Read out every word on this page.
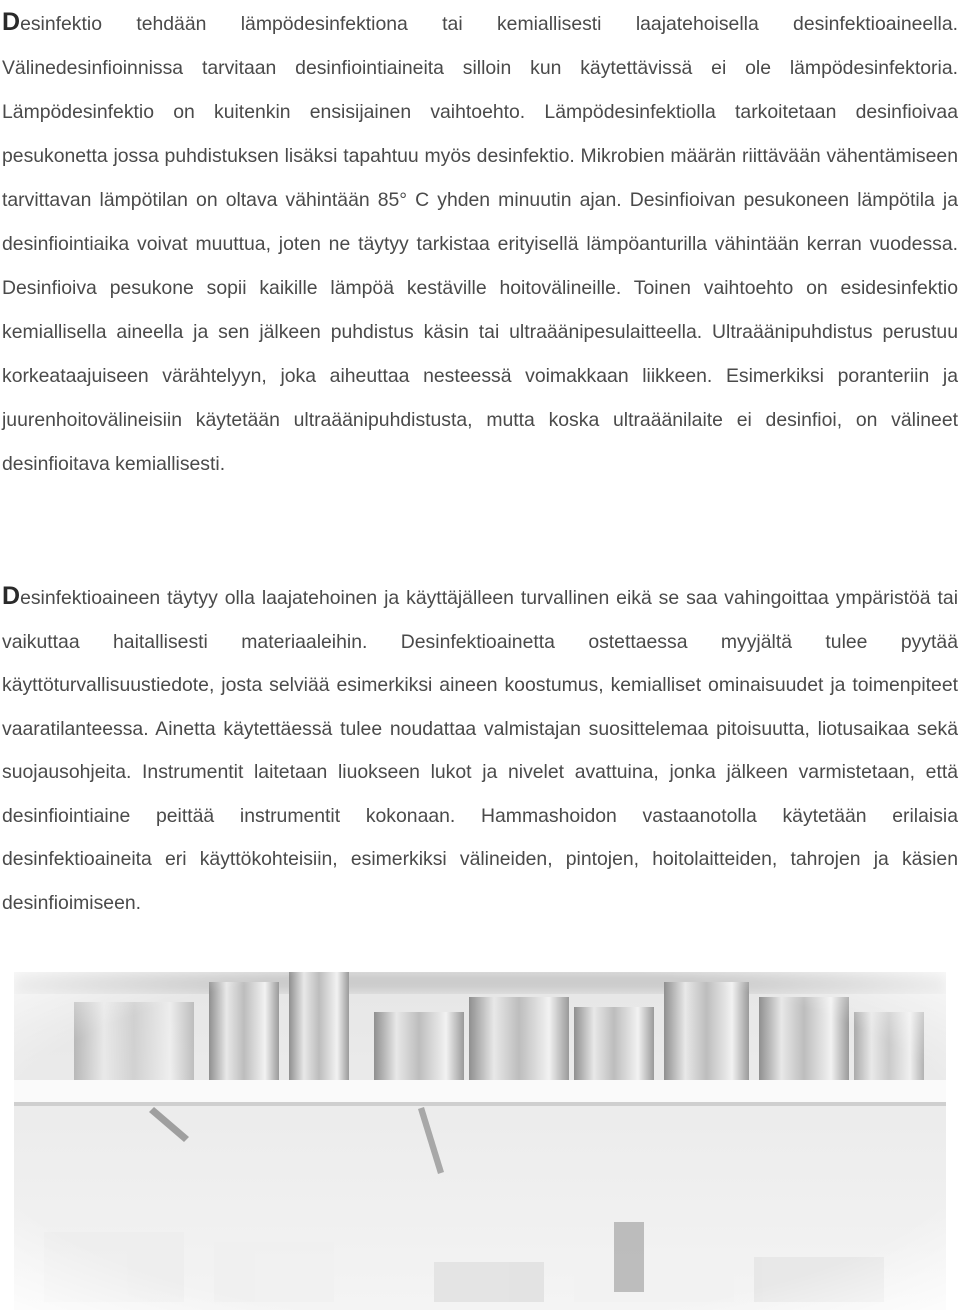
Desinfektio tehdään lämpödesinfektiona tai kemiallisesti laajatehoisella desinfektioaineella. Välinedesinfioinnissa tarvitaan desinfiointiaineita silloin kun käytettävissä ei ole lämpödesinfektoria. Lämpödesinfektio on kuitenkin ensisijainen vaihtoehto. Lämpödesinfektiolla tarkoitetaan desinfioivaa pesukonetta jossa puhdistuksen lisäksi tapahtuu myös desinfektio. Mikrobien määrän riittävään vähentämiseen tarvittavan lämpötilan on oltava vähintään 85° C yhden minuutin ajan. Desinfioivan pesukoneen lämpötila ja desinfiointiaika voivat muuttua, joten ne täytyy tarkistaa erityisellä lämpöanturilla vähintään kerran vuodessa. Desinfioiva pesukone sopii kaikille lämpöä kestäville hoitovälineille. Toinen vaihtoehto on esidesinfektio kemiallisella aineella ja sen jälkeen puhdistus käsin tai ultraäänipesulaitteella. Ultraäänipuhdistus perustuu korkeataajuiseen värähtelyyn, joka aiheuttaa nesteessä voimakkaan liikkeen. Esimerkiksi poranteriin ja juurenhoitovälineisiin käytetään ultraäänipuhdistusta, mutta koska ultraäänilaite ei desinfioi, on välineet desinfioitava kemiallisesti.

Desinfektioaineen täytyy olla laajatehoinen ja käyttäjälleen turvallinen eikä se saa vahingoittaa ympäristöä tai vaikuttaa haitallisesti materiaaleihin. Desinfektioainetta ostettaessa myyjältä tulee pyytää käyttöturvallisuustiedote, josta selviää esimerkiksi aineen koostumus, kemialliset ominaisuudet ja toimenpiteet vaaratilanteessa. Ainetta käytettäessä tulee noudattaa valmistajan suosittelemaa pitoisuutta, liotusaikaa sekä suojausohjeita. Instrumentit laitetaan liuokseen lukot ja nivelet avattuina, jonka jälkeen varmistetaan, että desinfiointiaine peittää instrumentit kokonaan. Hammashoidon vastaanotolla käytetään erilaisia desinfektioaineita eri käyttökohteisiin, esimerkiksi välineiden, pintojen, hoitolaitteiden, tahrojen ja käsien desinfioimiseen.
